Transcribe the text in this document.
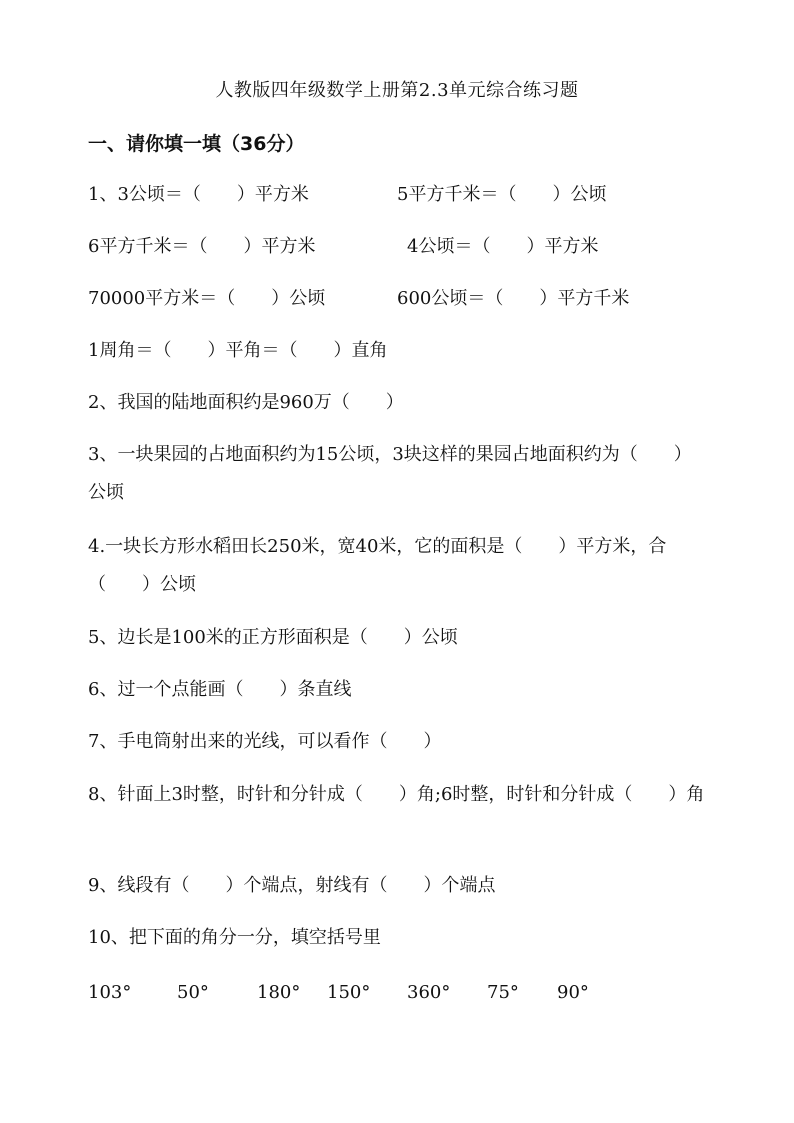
人教版四年级数学上册第2.3单元综合练习题
一、请你填一填（36分）
1、3公顷＝（　　）平方米	5平方千米＝（　　）公顷
6平方千米＝（　　）平方米	4公顷＝（　　）平方米
70000平方米＝（　　）公顷	600公顷＝（　　）平方千米
1周角＝（　　）平角＝（　　）直角
2、我国的陆地面积约是960万（　　）
3、一块果园的占地面积约为15公顷，3块这样的果园占地面积约为（　　）公顷
4.一块长方形水稻田长250米，宽40米，它的面积是（　　）平方米，合（　　）公顷
5、边长是100米的正方形面积是（　　）公顷
6、过一个点能画（　　）条直线
7、手电筒射出来的光线，可以看作（　　）
8、针面上3时整，时针和分针成（　　）角;6时整，时针和分针成（　　）角
9、线段有（　　）个端点，射线有（　　）个端点
10、把下面的角分一分，填空括号里
103°	50°	180° 150° 360° 75° 90°
